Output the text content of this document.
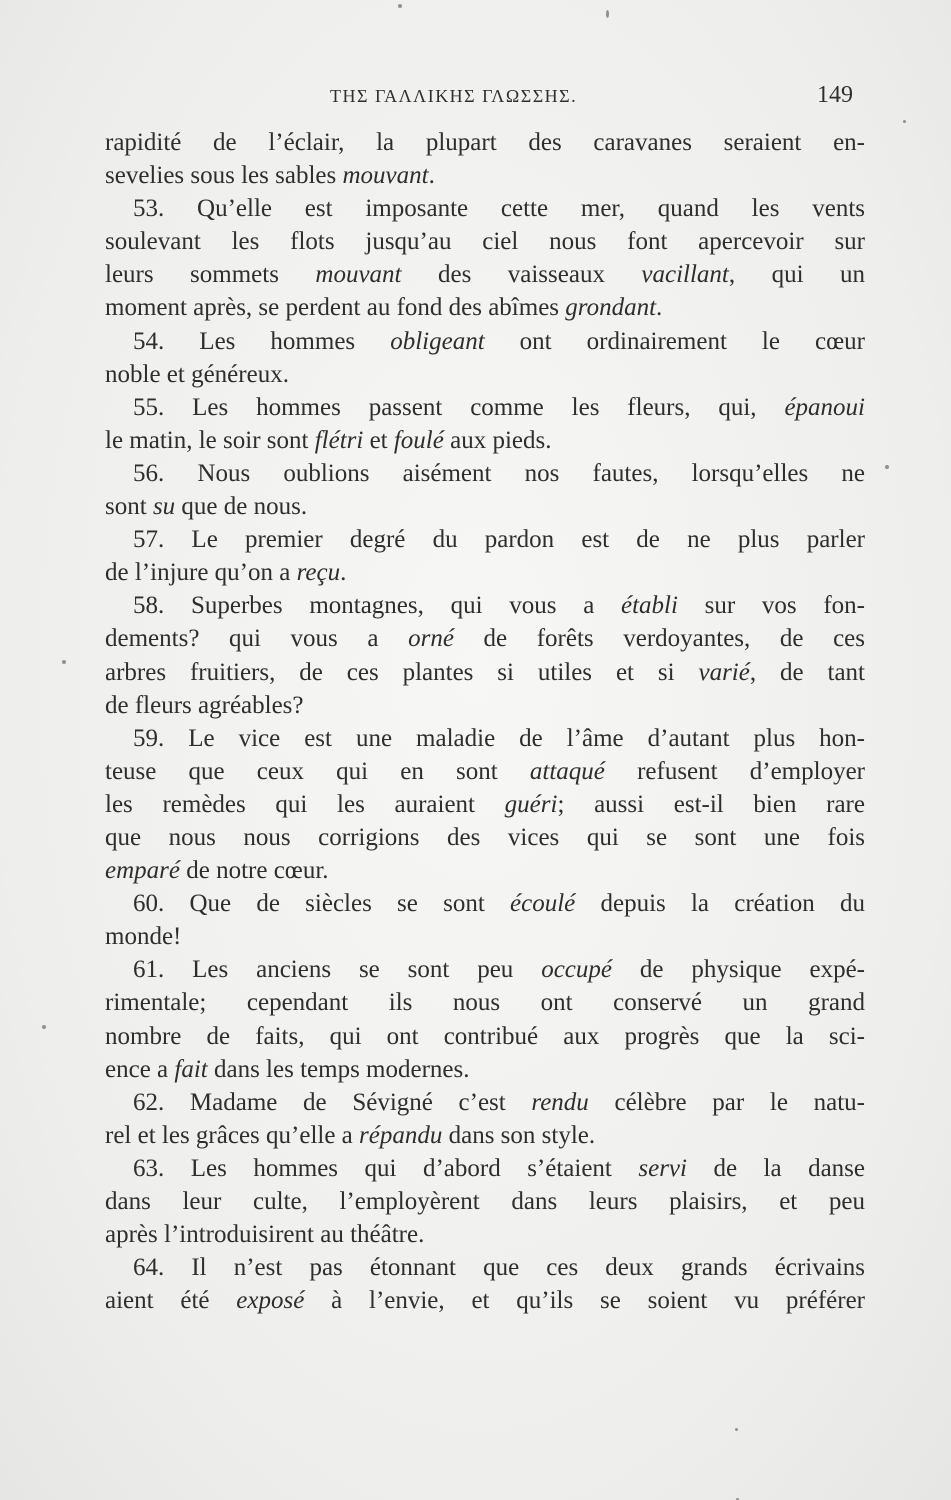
ΤΗΣ ΓΑΛΛΙΚΗΣ ΓΛΩΣΣΗΣ.	149
rapidité de l’éclair, la plupart des caravanes seraient en-
sevelies sous les sables mouvant.
53. Qu’elle est imposante cette mer, quand les vents
soulevant les flots jusqu’au ciel nous font apercevoir sur
leurs sommets mouvant des vaisseaux vacillant, qui un
moment après, se perdent au fond des abîmes grondant.
54. Les hommes obligeant ont ordinairement le cœur
noble et généreux.
55. Les hommes passent comme les fleurs, qui, épanoui
le matin, le soir sont flétri et foulé aux pieds.
56. Nous oublions aisément nos fautes, lorsqu’elles ne
sont su que de nous.
57. Le premier degré du pardon est de ne plus parler
de l’injure qu’on a reçu.
58. Superbes montagnes, qui vous a établi sur vos fon-
dements? qui vous a orné de forêts verdoyantes, de ces
arbres fruitiers, de ces plantes si utiles et si varié, de tant
de fleurs agréables?
59. Le vice est une maladie de l’âme d’autant plus hon-
teuse que ceux qui en sont attaqué refusent d’employer
les remèdes qui les auraient guéri; aussi est-il bien rare
que nous nous corrigions des vices qui se sont une fois
emparé de notre cœur.
60. Que de siècles se sont écoulé depuis la création du
monde!
61. Les anciens se sont peu occupé de physique expé-
rimentale; cependant ils nous ont conservé un grand
nombre de faits, qui ont contribué aux progrès que la sci-
ence a fait dans les temps modernes.
62. Madame de Sévigné c’est rendu célèbre par le natu-
rel et les grâces qu’elle a répandu dans son style.
63. Les hommes qui d’abord s’étaient servi de la danse
dans leur culte, l’employèrent dans leurs plaisirs, et peu
après l’introduisirent au théâtre.
64. Il n’est pas étonnant que ces deux grands écrivains
aient été exposé à l’envie, et qu’ils se soient vu préférer
